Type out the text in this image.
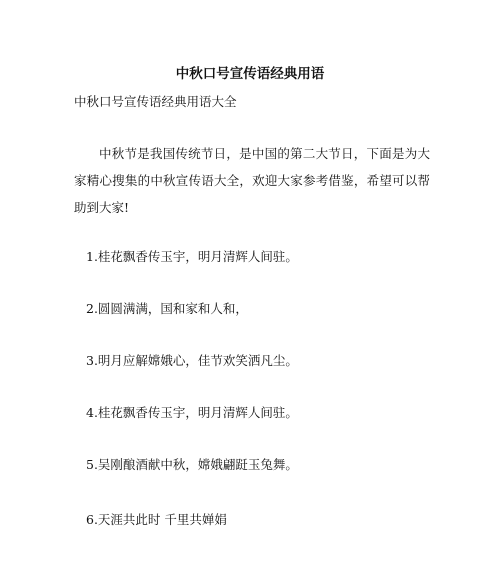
中秋口号宣传语经典用语
中秋口号宣传语经典用语大全
中秋节是我国传统节日，是中国的第二大节日，下面是为大家精心搜集的中秋宣传语大全，欢迎大家参考借鉴，希望可以帮助到大家!
1.桂花飘香传玉宇，明月清辉人间驻。
2.圆圆满满，国和家和人和，
3.明月应解嫦娥心，佳节欢笑洒凡尘。
4.桂花飘香传玉宇，明月清辉人间驻。
5.吴刚酿酒献中秋，嫦娥翩跹玉兔舞。
6.天涯共此时 千里共婵娟
